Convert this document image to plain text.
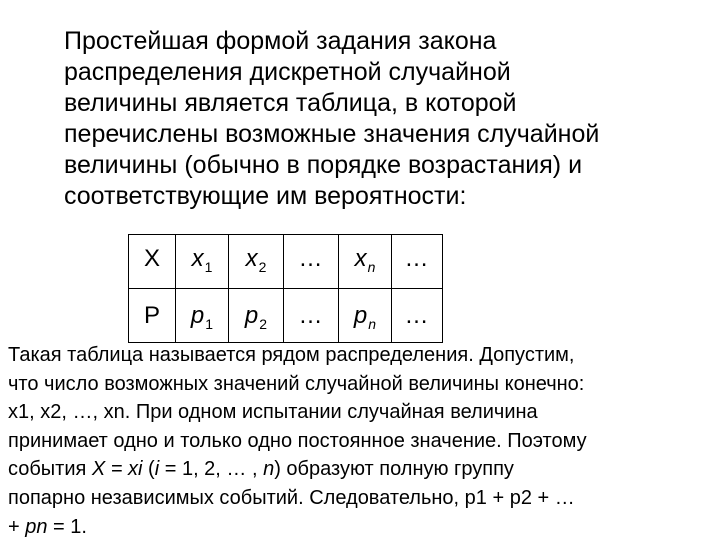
Простейшая формой задания закона
распределения дискретной случайной
величины является таблица, в которой
перечислены возможные значения случайной
величины (обычно в порядке возрастания) и
соответствующие им вероятности:
X	$x_1$	$x_2$	…	$x_n$	…
P	$p_1$	$p_2$	…	$p_n$	…
Такая таблица называется рядом распределения. Допустим,
что число возможных значений случайной величины конечно:
x1, x2, …, xn. При одном испытании случайная величина
принимает одно и только одно постоянное значение. Поэтому
события X = xi (i = 1, 2, … , n) образуют полную группу
попарно независимых событий. Следовательно, p1 + p2 + …
+ pn = 1.
